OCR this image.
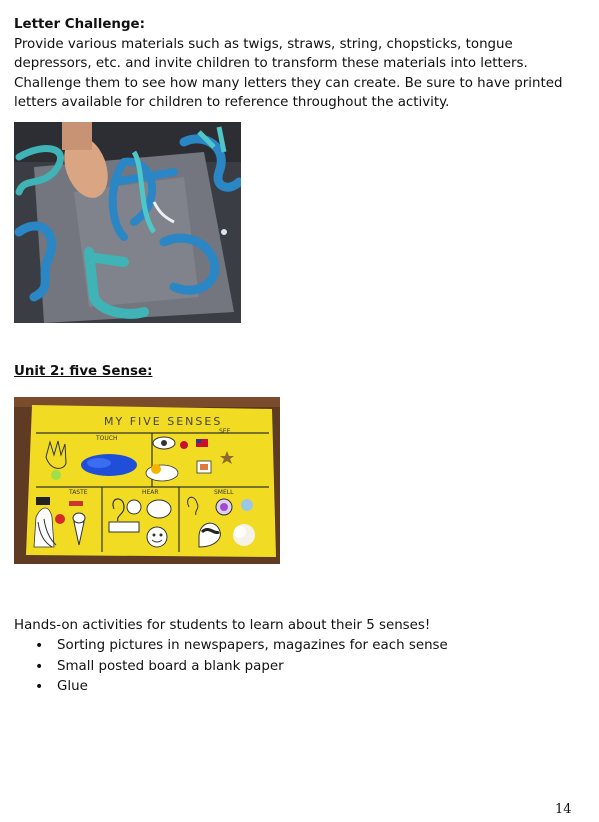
Letter Challenge:
Provide various materials such as twigs, straws, string, chopsticks, tongue
depressors, etc. and invite children to transform these materials into letters.
Challenge them to see how many letters they can create. Be sure to have printed
letters available for children to reference throughout the activity.
Unit 2: five Sense:
MY FIVE SENSES
TOUCH
SEE
TASTE	HEAR	SMELL
Hands-on activities for students to learn about their 5 senses!
• Sorting pictures in newspapers, magazines for each sense
• Small posted board a blank paper
• Glue
14
